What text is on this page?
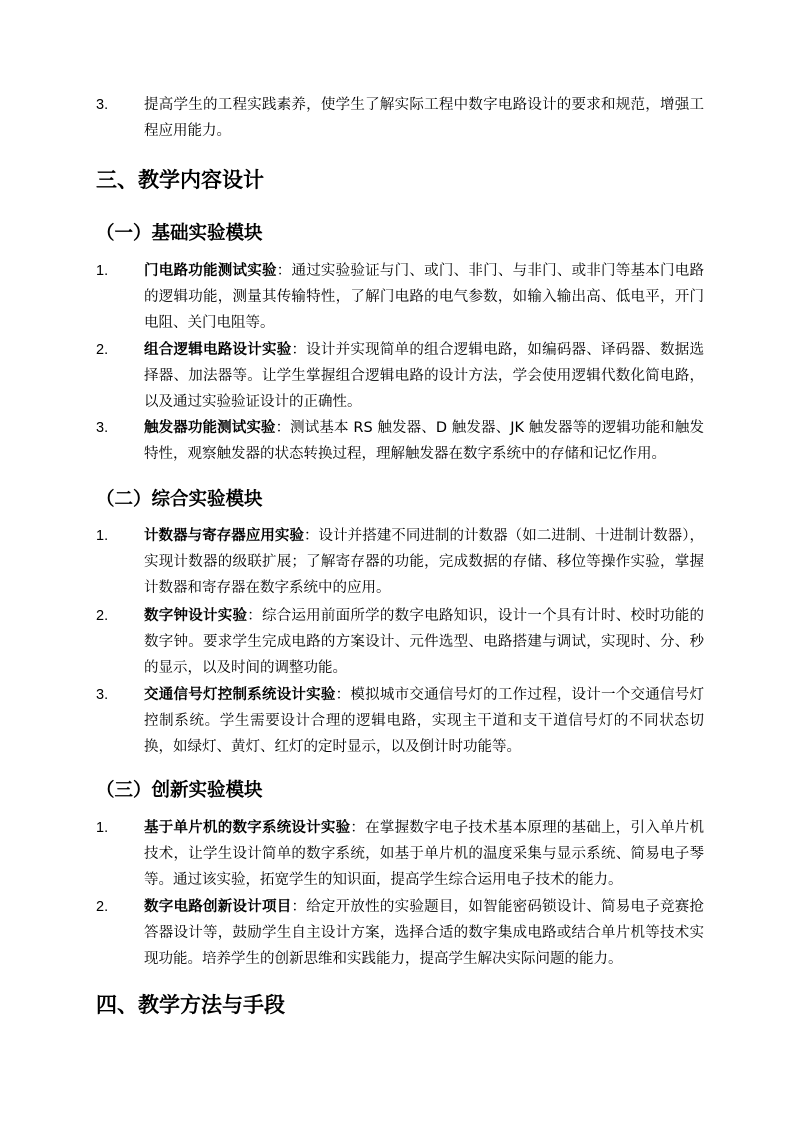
3.	提高学生的工程实践素养，使学生了解实际工程中数字电路设计的要求和规范，增强工程应用能力。
三、教学内容设计
（一）基础实验模块
1.	门电路功能测试实验：通过实验验证与门、或门、非门、与非门、或非门等基本门电路的逻辑功能，测量其传输特性，了解门电路的电气参数，如输入输出高、低电平，开门电阻、关门电阻等。
2.	组合逻辑电路设计实验：设计并实现简单的组合逻辑电路，如编码器、译码器、数据选择器、加法器等。让学生掌握组合逻辑电路的设计方法，学会使用逻辑代数化简电路，以及通过实验验证设计的正确性。
3.	触发器功能测试实验：测试基本 RS 触发器、D 触发器、JK 触发器等的逻辑功能和触发特性，观察触发器的状态转换过程，理解触发器在数字系统中的存储和记忆作用。
（二）综合实验模块
1.	计数器与寄存器应用实验：设计并搭建不同进制的计数器（如二进制、十进制计数器），实现计数器的级联扩展；了解寄存器的功能，完成数据的存储、移位等操作实验，掌握计数器和寄存器在数字系统中的应用。
2.	数字钟设计实验：综合运用前面所学的数字电路知识，设计一个具有计时、校时功能的数字钟。要求学生完成电路的方案设计、元件选型、电路搭建与调试，实现时、分、秒的显示，以及时间的调整功能。
3.	交通信号灯控制系统设计实验：模拟城市交通信号灯的工作过程，设计一个交通信号灯控制系统。学生需要设计合理的逻辑电路，实现主干道和支干道信号灯的不同状态切换，如绿灯、黄灯、红灯的定时显示，以及倒计时功能等。
（三）创新实验模块
1.	基于单片机的数字系统设计实验：在掌握数字电子技术基本原理的基础上，引入单片机技术，让学生设计简单的数字系统，如基于单片机的温度采集与显示系统、简易电子琴等。通过该实验，拓宽学生的知识面，提高学生综合运用电子技术的能力。
2.	数字电路创新设计项目：给定开放性的实验题目，如智能密码锁设计、简易电子竞赛抢答器设计等，鼓励学生自主设计方案，选择合适的数字集成电路或结合单片机等技术实现功能。培养学生的创新思维和实践能力，提高学生解决实际问题的能力。
四、教学方法与手段
